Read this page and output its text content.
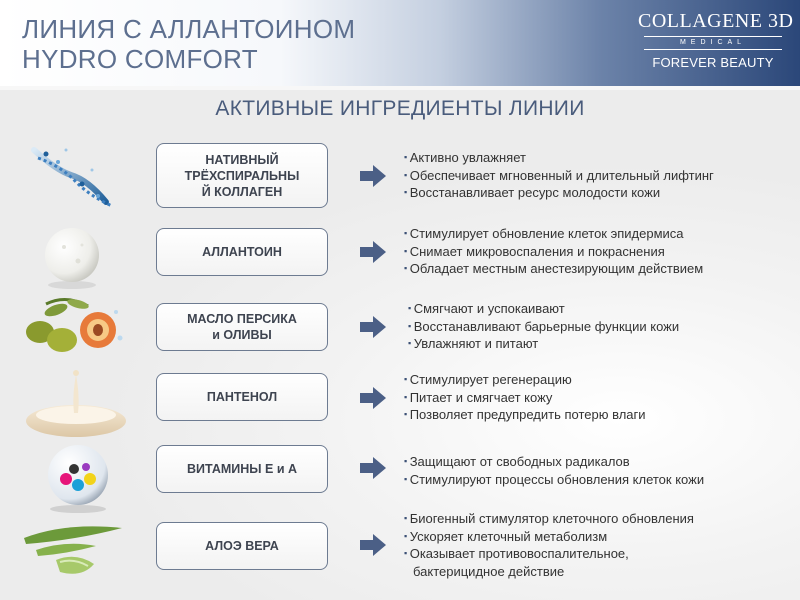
ЛИНИЯ С АЛЛАНТОИНОМ
HYDRO COMFORT
COLLAGENE 3D
MEDICAL
FOREVER BEAUTY
АКТИВНЫЕ ИНГРЕДИЕНТЫ ЛИНИИ
НАТИВНЫЙ
ТРЁХСПИРАЛЬНЫ
Й КОЛЛАГЕН
▪ Активно увлажняет
▪ Обеспечивает мгновенный и длительный лифтинг
▪ Восстанавливает ресурс молодости кожи
АЛЛАНТОИН
▪ Стимулирует обновление клеток эпидермиса
▪ Снимает микровоспаления и покраснения
▪ Обладает местным анестезирующим действием
МАСЛО ПЕРСИКА
и ОЛИВЫ
▪ Смягчают и успокаивают
▪ Восстанавливают барьерные функции кожи
▪ Увлажняют и питают
ПАНТЕНОЛ
▪ Стимулирует регенерацию
▪ Питает и смягчает кожу
▪ Позволяет предупредить потерю влаги
ВИТАМИНЫ Е и А
▪	Защищают от свободных радикалов
▪ Стимулируют процессы обновления клеток кожи
АЛОЭ ВЕРА
▪ Биогенный стимулятор клеточного обновления
▪ Ускоряет клеточный метаболизм
▪ Оказывает противовоспалительное,
бактерицидное действие
